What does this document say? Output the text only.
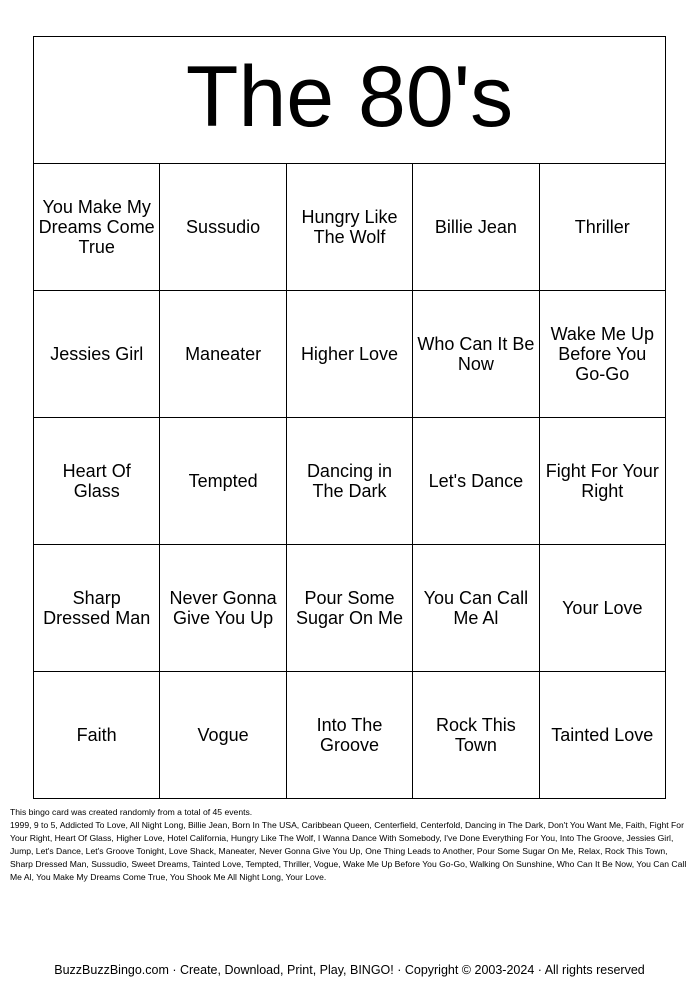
The 80's				
You Make My Dreams Come True	Sussudio	Hungry Like The Wolf	Billie Jean	Thriller
Jessies Girl	Maneater	Higher Love	Who Can It Be Now	Wake Me Up Before You Go-Go
Heart Of Glass	Tempted	Dancing in The Dark	Let's Dance	Fight For Your Right
Sharp Dressed Man	Never Gonna Give You Up	Pour Some Sugar On Me	You Can Call Me Al	Your Love
Faith	Vogue	Into The Groove	Rock This Town	Tainted Love
This bingo card was created randomly from a total of 45 events.
1999, 9 to 5, Addicted To Love, All Night Long, Billie Jean, Born In The USA, Caribbean Queen, Centerfield, Centerfold, Dancing in The Dark, Don't You Want Me, Faith, Fight For Your Right, Heart Of Glass, Higher Love, Hotel California, Hungry Like The Wolf, I Wanna Dance With Somebody, I've Done Everything For You, Into The Groove, Jessies Girl, Jump, Let's Dance, Let's Groove Tonight, Love Shack, Maneater, Never Gonna Give You Up, One Thing Leads to Another, Pour Some Sugar On Me, Relax, Rock This Town, Sharp Dressed Man, Sussudio, Sweet Dreams, Tainted Love, Tempted, Thriller, Vogue, Wake Me Up Before You Go-Go, Walking On Sunshine, Who Can It Be Now, You Can Call Me Al, You Make My Dreams Come True, You Shook Me All Night Long, Your Love.
BuzzBuzzBingo.com · Create, Download, Print, Play, BINGO! · Copyright © 2003-2024 · All rights reserved
